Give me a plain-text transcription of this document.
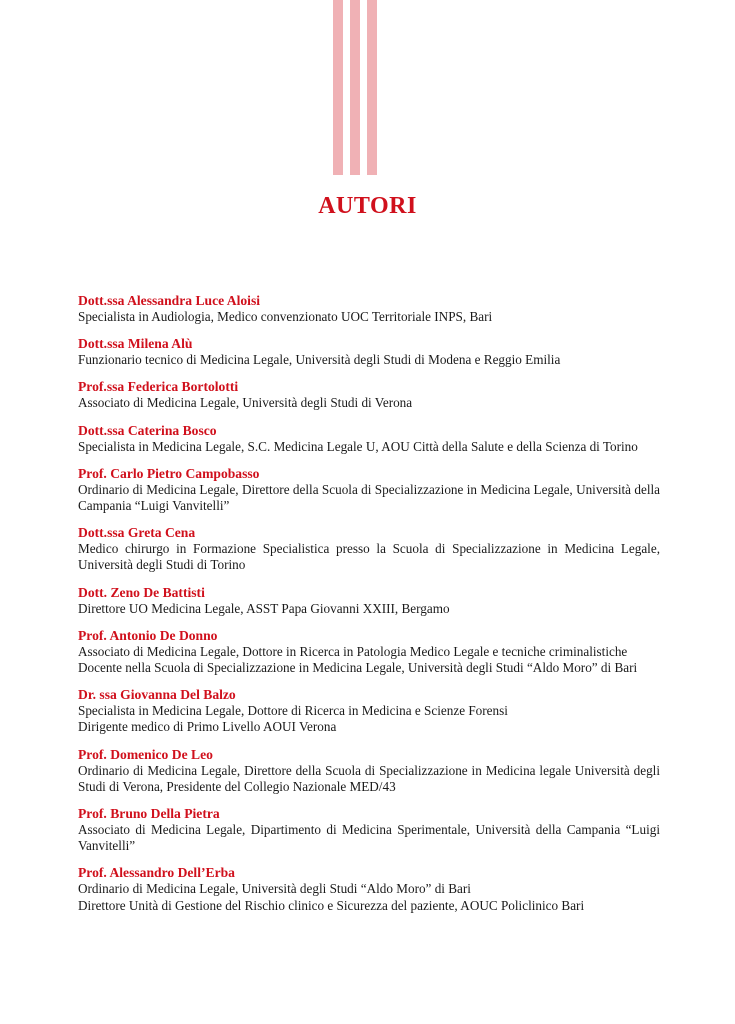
AUTORI
Dott.ssa Alessandra Luce Aloisi
Specialista in Audiologia, Medico convenzionato UOC Territoriale INPS, Bari
Dott.ssa Milena Alù
Funzionario tecnico di Medicina Legale, Università degli Studi di Modena e Reggio Emilia
Prof.ssa Federica Bortolotti
Associato di Medicina Legale, Università degli Studi di Verona
Dott.ssa Caterina Bosco
Specialista in Medicina Legale, S.C. Medicina Legale U, AOU Città della Salute e della Scienza di Torino
Prof. Carlo Pietro Campobasso
Ordinario di Medicina Legale, Direttore della Scuola di Specializzazione in Medicina Legale, Università della Campania “Luigi Vanvitelli”
Dott.ssa Greta Cena
Medico chirurgo in Formazione Specialistica presso la Scuola di Specializzazione in Medicina Legale, Università degli Studi di Torino
Dott. Zeno De Battisti
Direttore UO Medicina Legale, ASST Papa Giovanni XXIII, Bergamo
Prof. Antonio De Donno
Associato di Medicina Legale, Dottore in Ricerca in Patologia Medico Legale e tecniche criminalistiche
Docente nella Scuola di Specializzazione in Medicina Legale, Università degli Studi “Aldo Moro” di Bari
Dr. ssa Giovanna Del Balzo
Specialista in Medicina Legale, Dottore di Ricerca in Medicina e Scienze Forensi
Dirigente medico di Primo Livello AOUI Verona
Prof. Domenico De Leo
Ordinario di Medicina Legale, Direttore della Scuola di Specializzazione in Medicina legale Università degli Studi di Verona, Presidente del Collegio Nazionale MED/43
Prof. Bruno Della Pietra
Associato di Medicina Legale, Dipartimento di Medicina Sperimentale, Università della Campania “Luigi Vanvitelli”
Prof. Alessandro Dell’Erba
Ordinario di Medicina Legale, Università degli Studi “Aldo Moro” di Bari
Direttore Unità di Gestione del Rischio clinico e Sicurezza del paziente, AOUC Policlinico Bari
